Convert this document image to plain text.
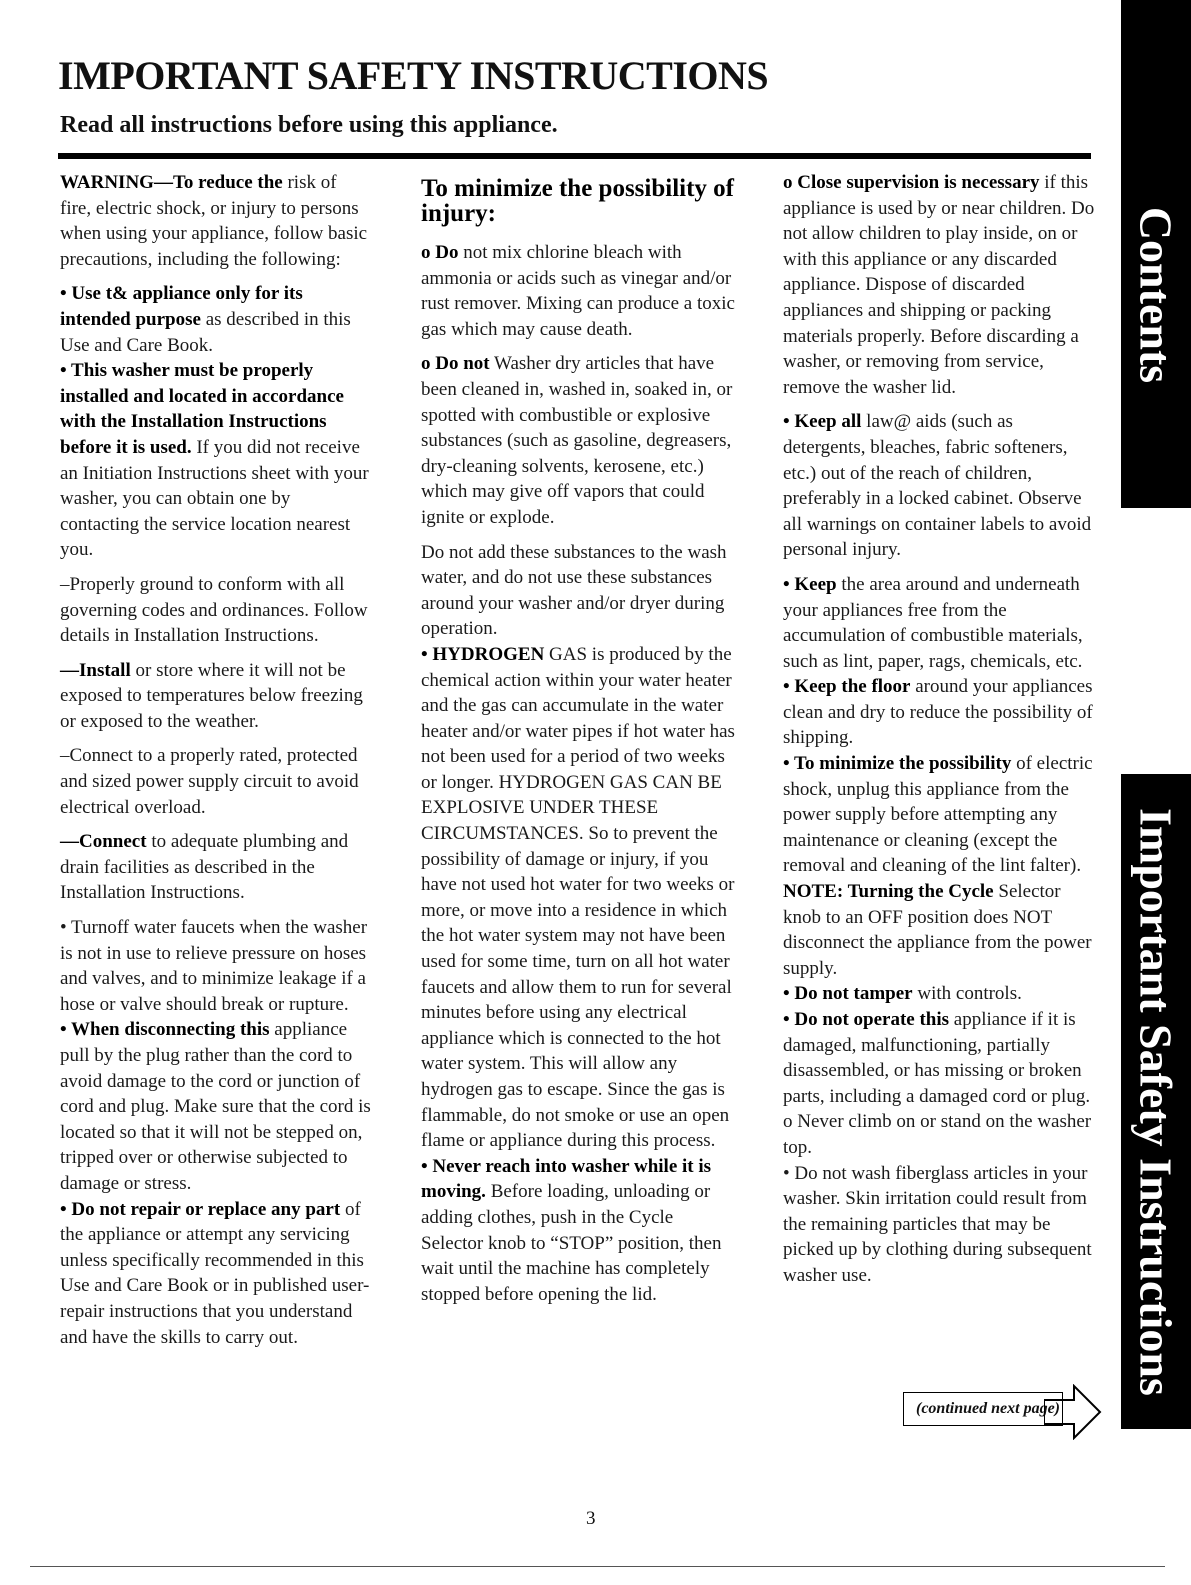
IMPORTANT SAFETY INSTRUCTIONS
Read all instructions before using this appliance.

WARNING—To reduce the risk of fire, electric shock, or injury to persons when using your appliance, follow basic precautions, including the following:

• Use t& appliance only for its intended purpose as described in this Use and Care Book.

• This washer must be properly installed and located in accordance with the Installation Instructions before it is used. If you did not receive an Initiation Instructions sheet with your washer, you can obtain one by contacting the service location nearest you.

–Properly ground to conform with all governing codes and ordinances. Follow details in Installation Instructions.

—Install or store where it will not be exposed to temperatures below freezing or exposed to the weather.

–Connect to a properly rated, protected and sized power supply circuit to avoid electrical overload.

—Connect to adequate plumbing and drain facilities as described in the Installation Instructions.

• Turnoff water faucets when the washer is not in use to relieve pressure on hoses and valves, and to minimize leakage if a hose or valve should break or rupture.

• When disconnecting this appliance pull by the plug rather than the cord to avoid damage to the cord or junction of cord and plug. Make sure that the cord is located so that it will not be stepped on, tripped over or otherwise subjected to damage or stress.

• Do not repair or replace any part of the appliance or attempt any servicing unless specifically recommended in this Use and Care Book or in published user-repair instructions that you understand and have the skills to carry out.

To minimize the possibility of injury:

o Do not mix chlorine bleach with ammonia or acids such as vinegar and/or rust remover. Mixing can produce a toxic gas which may cause death.

o Do not Washer dry articles that have been cleaned in, washed in, soaked in, or spotted with combustible or explosive substances (such as gasoline, degreasers, dry-cleaning solvents, kerosene, etc.) which may give off vapors that could ignite or explode.

Do not add these substances to the wash water, and do not use these substances around your washer and/or dryer during operation.

• HYDROGEN GAS is produced by the chemical action within your water heater and the gas can accumulate in the water heater and/or water pipes if hot water has not been used for a period of two weeks or longer. HYDROGEN GAS CAN BE EXPLOSIVE UNDER THESE CIRCUMSTANCES. So to prevent the possibility of damage or injury, if you have not used hot water for two weeks or more, or move into a residence in which the hot water system may not have been used for some time, turn on all hot water faucets and allow them to run for several minutes before using any electrical appliance which is connected to the hot water system. This will allow any hydrogen gas to escape. Since the gas is flammable, do not smoke or use an open flame or appliance during this process.

• Never reach into washer while it is moving. Before loading, unloading or adding clothes, push in the Cycle Selector knob to “STOP” position, then wait until the machine has completely stopped before opening the lid.

o Close supervision is necessary if this appliance is used by or near children. Do not allow children to play inside, on or with this appliance or any discarded appliance. Dispose of discarded appliances and shipping or packing materials properly. Before discarding a washer, or removing from service, remove the washer lid.

• Keep all law@ aids (such as detergents, bleaches, fabric softeners, etc.) out of the reach of children, preferably in a locked cabinet. Observe all warnings on container labels to avoid personal injury.

• Keep the area around and underneath your appliances free from the accumulation of combustible materials, such as lint, paper, rags, chemicals, etc.

• Keep the floor around your appliances clean and dry to reduce the possibility of shipping.

• To minimize the possibility of electric shock, unplug this appliance from the power supply before attempting any maintenance or cleaning (except the removal and cleaning of the lint falter).

NOTE: Turning the Cycle Selector knob to an OFF position does NOT disconnect the appliance from the power supply.

• Do not tamper with controls.

• Do not operate this appliance if it is damaged, malfunctioning, partially disassembled, or has missing or broken parts, including a damaged cord or plug.

o Never climb on or stand on the washer top.

• Do not wash fiberglass articles in your washer. Skin irritation could result from the remaining particles that may be picked up by clothing during subsequent washer use.

(continued next page)
3
Contents
Important Safety Instructions
